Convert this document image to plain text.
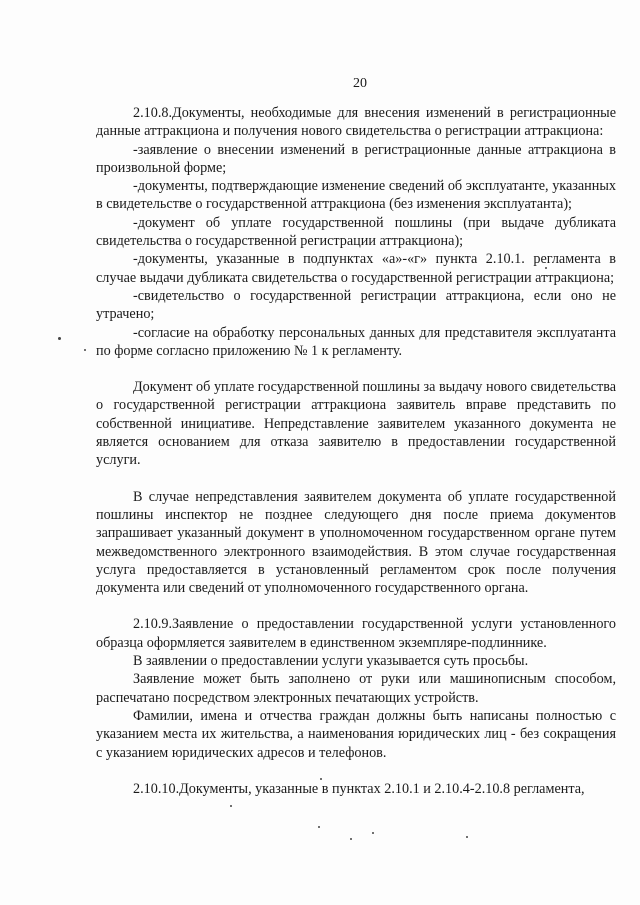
20

2.10.8.Документы, необходимые для внесения изменений в регистрационные данные аттракциона и получения нового свидетельства о регистрации аттракциона:

-заявление о внесении изменений в регистрационные данные аттракциона в произвольной форме;

-документы, подтверждающие изменение сведений об эксплуатанте, указанных в свидетельстве о государственной аттракциона (без изменения эксплуатанта);

-документ об уплате государственной пошлины (при выдаче дубликата свидетельства о государственной регистрации аттракциона);

-документы, указанные в подпунктах «а»-«г» пункта 2.10.1. регламента в случае выдачи дубликата свидетельства о государственной регистрации аттракциона;

-свидетельство о государственной регистрации аттракциона, если оно не утрачено;

-согласие на обработку персональных данных для представителя эксплуатанта по форме согласно приложению № 1 к регламенту.

Документ об уплате государственной пошлины за выдачу нового свидетельства о государственной регистрации аттракциона заявитель вправе представить по собственной инициативе. Непредставление заявителем указанного документа не является основанием для отказа заявителю в предоставлении государственной услуги.

В случае непредставления заявителем документа об уплате государственной пошлины инспектор не позднее следующего дня после приема документов запрашивает указанный документ в уполномоченном государственном органе путем межведомственного электронного взаимодействия. В этом случае государственная услуга предоставляется в установленный регламентом срок после получения документа или сведений от уполномоченного государственного органа.

2.10.9.Заявление о предоставлении государственной услуги установленного образца оформляется заявителем в единственном экземпляре-подлиннике.

В заявлении о предоставлении услуги указывается суть просьбы.

Заявление может быть заполнено от руки или машинописным способом, распечатано посредством электронных печатающих устройств.

Фамилии, имена и отчества граждан должны быть написаны полностью с указанием места их жительства, а наименования юридических лиц - без сокращения с указанием юридических адресов и телефонов.

2.10.10.Документы, указанные в пунктах 2.10.1 и 2.10.4-2.10.8 регламента,
